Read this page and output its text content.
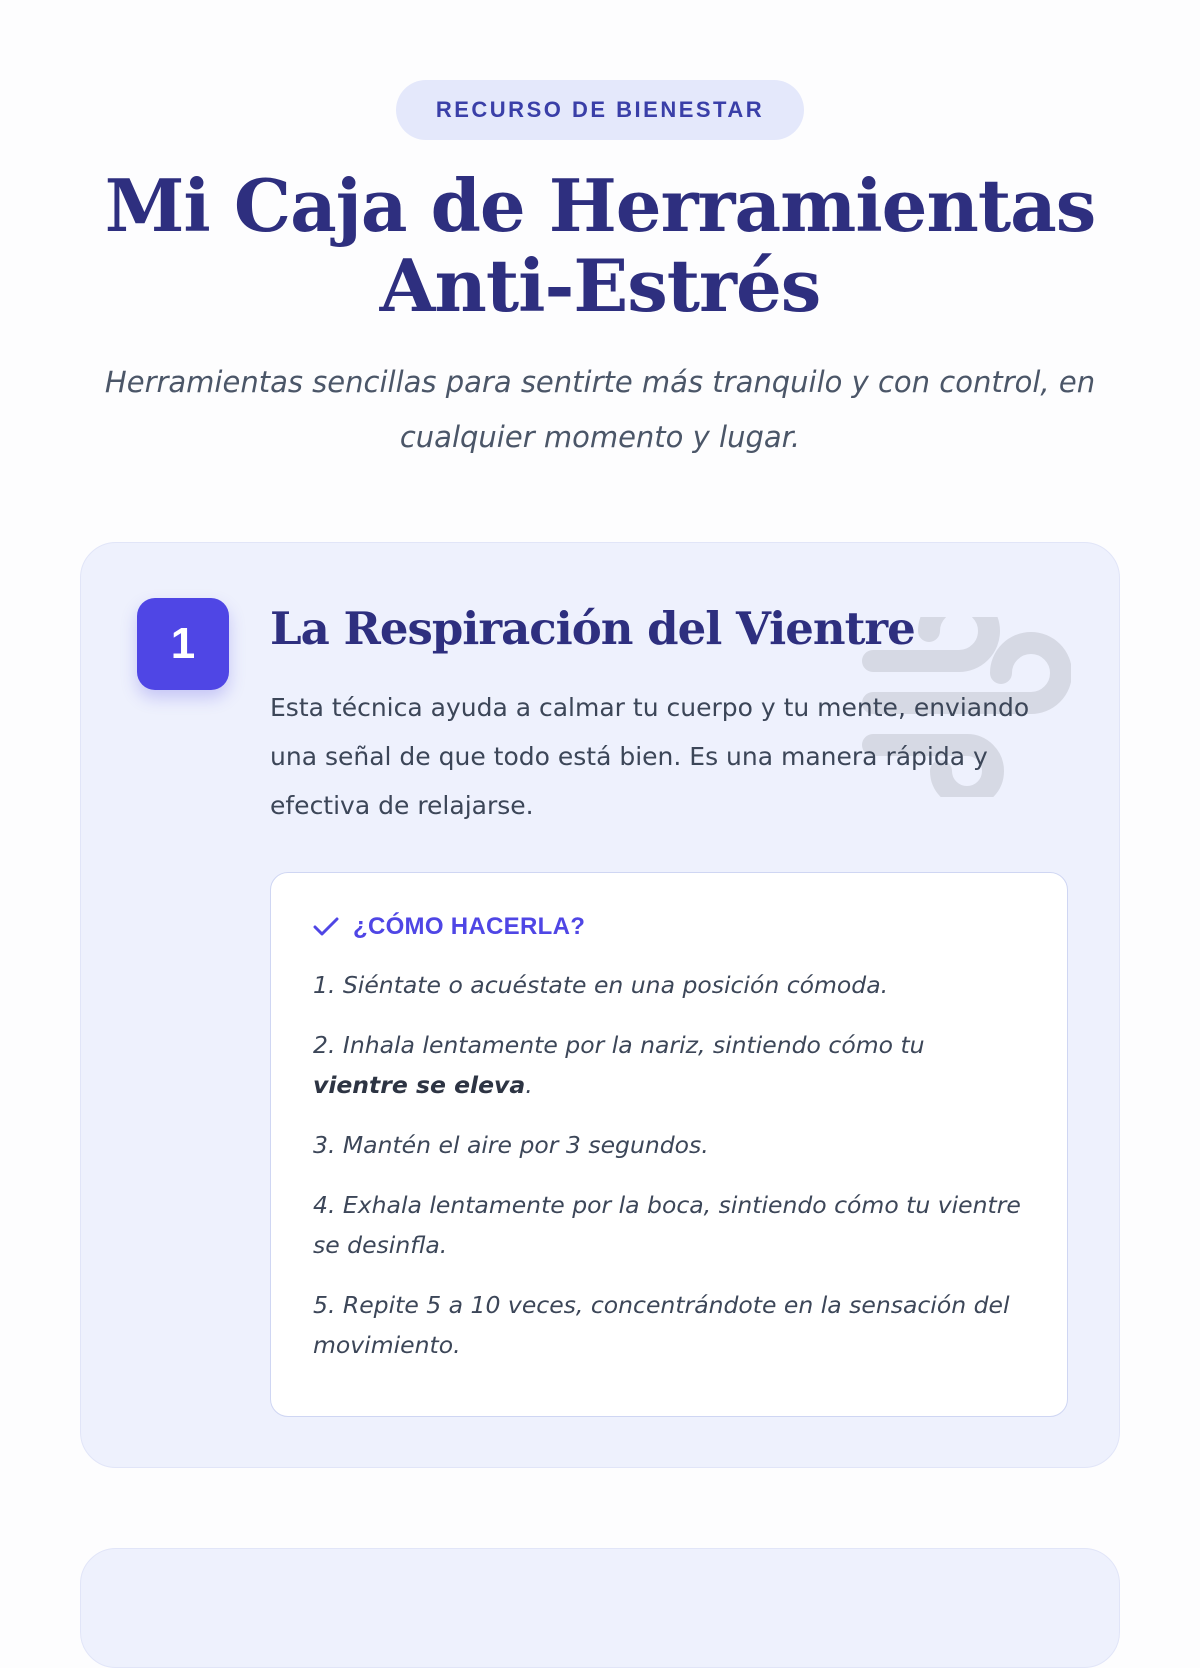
RECURSO DE BIENESTAR
Mi Caja de Herramientas
Anti-Estrés

Herramientas sencillas para sentirte más tranquilo y con control, en cualquier momento y lugar.

1	La Respiración del Vientre

Esta técnica ayuda a calmar tu cuerpo y tu mente, enviando una señal de que todo está bien. Es una manera rápida y efectiva de relajarse.

¿CÓMO HACERLA?

1. Siéntate o acuéstate en una posición cómoda.

2. Inhala lentamente por la nariz, sintiendo cómo tu vientre se eleva.

3. Mantén el aire por 3 segundos.

4. Exhala lentamente por la boca, sintiendo cómo tu vientre se desinfla.

5. Repite 5 a 10 veces, concentrándote en la sensación del movimiento.
